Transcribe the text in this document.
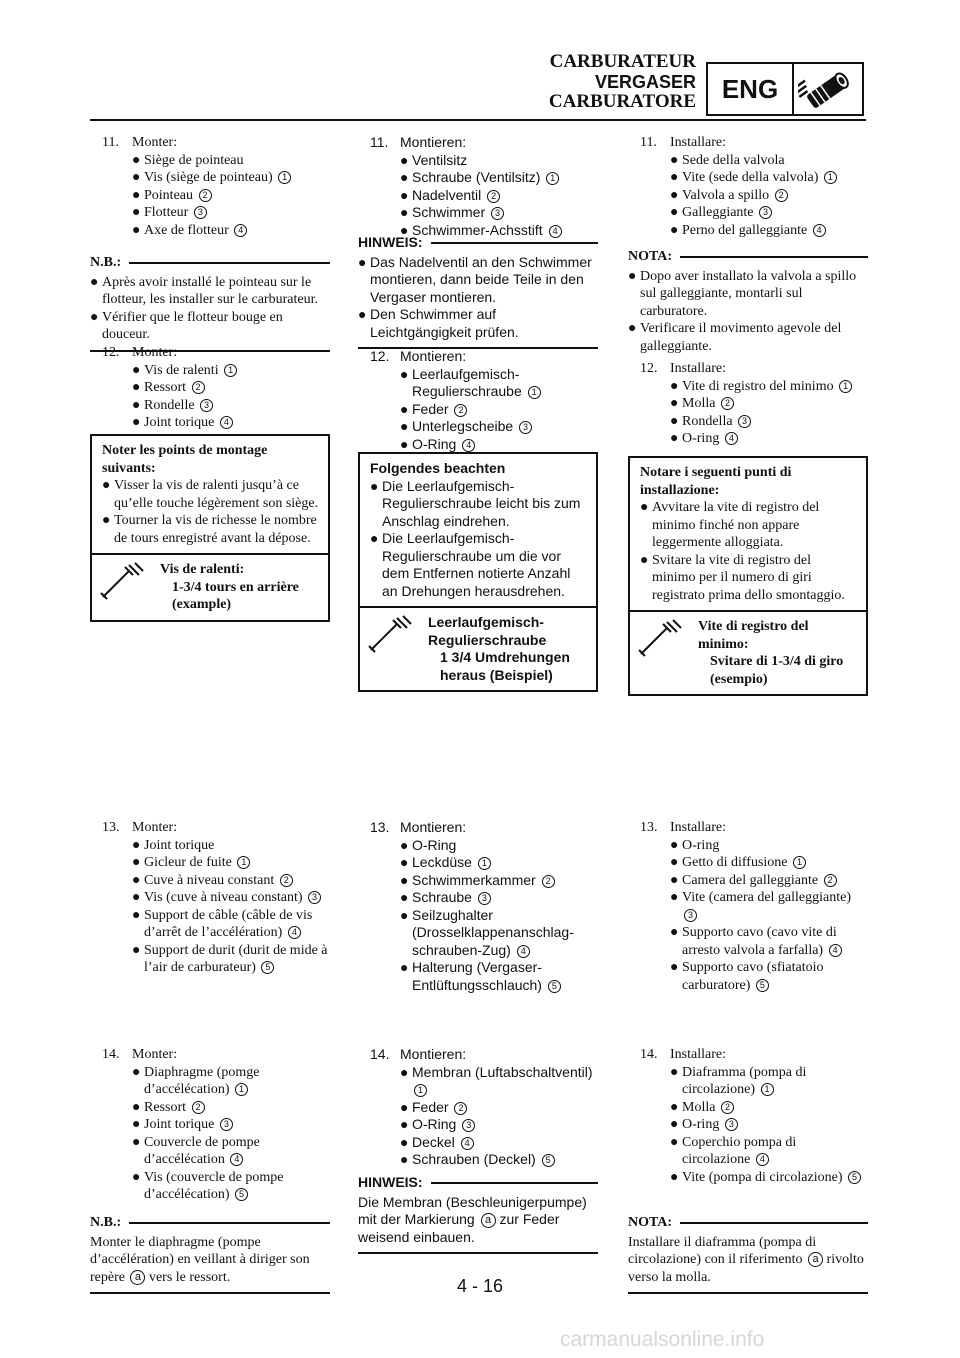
CARBURATEUR
VERGASER
CARBURATORE ENG
11. Monter:
● Siège de pointeau
● Vis (siège de pointeau) 1
● Pointeau 2
● Flotteur 3
● Axe de flotteur 4
N.B.:
● Après avoir installé le pointeau sur le flotteur, les installer sur le carburateur.
● Vérifier que le flotteur bouge en douceur.
12. Monter:
● Vis de ralenti 1
● Ressort 2
● Rondelle 3
● Joint torique 4
Noter les points de montage suivants:
● Visser la vis de ralenti jusqu’à ce qu’elle touche légèrement son siège.
● Tourner la vis de richesse le nombre de tours enregistré avant la dépose.
Vis de ralenti:
1-3/4 tours en arrière (example)
13. Monter:
● Joint torique
● Gicleur de fuite 1
● Cuve à niveau constant 2
● Vis (cuve à niveau constant) 3
● Support de câble (câble de vis d’arrêt de l’accélération) 4
● Support de durit (durit de mide à l’air de carburateur) 5
14. Monter:
● Diaphragme (pomge d’accélécation) 1
● Ressort 2
● Joint torique 3
● Couvercle de pompe d’accélécation 4
● Vis (couvercle de pompe d’accélécation) 5
N.B.:
Monter le diaphragme (pompe d’accélération) en veillant à diriger son repère a vers le ressort.
11. Montieren:
● Ventilsitz
● Schraube (Ventilsitz) 1
● Nadelventil 2
● Schwimmer 3
● Schwimmer-Achsstift 4
HINWEIS:
● Das Nadelventil an den Schwimmer montieren, dann beide Teile in den Vergaser montieren.
● Den Schwimmer auf Leichtgängigkeit prüfen.
12. Montieren:
● Leerlaufgemisch-Regulierschraube 1
● Feder 2
● Unterlegscheibe 3
● O-Ring 4
Folgendes beachten
● Die Leerlaufgemisch-Regulierschraube leicht bis zum Anschlag eindrehen.
● Die Leerlaufgemisch-Regulierschraube um die vor dem Entfernen notierte Anzahl an Drehungen herausdrehen.
Leerlaufgemisch-Regulierschraube
1 3/4 Umdrehungen heraus (Beispiel)
13. Montieren:
● O-Ring
● Leckdüse 1
● Schwimmerkammer 2
● Schraube 3
● Seilzughalter (Drosselklappenanschlag-schrauben-Zug) 4
● Halterung (Vergaser-Entlüftungsschlauch) 5
14. Montieren:
● Membran (Luftabschaltventil) 1
● Feder 2
● O-Ring 3
● Deckel 4
● Schrauben (Deckel) 5
HINWEIS:
Die Membran (Beschleunigerpumpe) mit der Markierung a zur Feder weisend einbauen.
11. Installare:
● Sede della valvola
● Vite (sede della valvola) 1
● Valvola a spillo 2
● Galleggiante 3
● Perno del galleggiante 4
NOTA:
● Dopo aver installato la valvola a spillo sul galleggiante, montarli sul carburatore.
● Verificare il movimento agevole del galleggiante.
12. Installare:
● Vite di registro del minimo 1
● Molla 2
● Rondella 3
● O-ring 4
Notare i seguenti punti di installazione:
● Avvitare la vite di registro del minimo finché non appare leggermente alloggiata.
● Svitare la vite di registro del minimo per il numero di giri registrato prima dello smontaggio.
Vite di registro del minimo:
Svitare di 1-3/4 di giro (esempio)
13. Installare:
● O-ring
● Getto di diffusione 1
● Camera del galleggiante 2
● Vite (camera del galleggiante) 3
● Supporto cavo (cavo vite di arresto valvola a farfalla) 4
● Supporto cavo (sfiatatoio carburatore) 5
14. Installare:
● Diaframma (pompa di circolazione) 1
● Molla 2
● O-ring 3
● Coperchio pompa di circolazione 4
● Vite (pompa di circolazione) 5
NOTA:
Installare il diaframma (pompa di circolazione) con il riferimento a rivolto verso la molla.
4 - 16
carmanualsonline.info
